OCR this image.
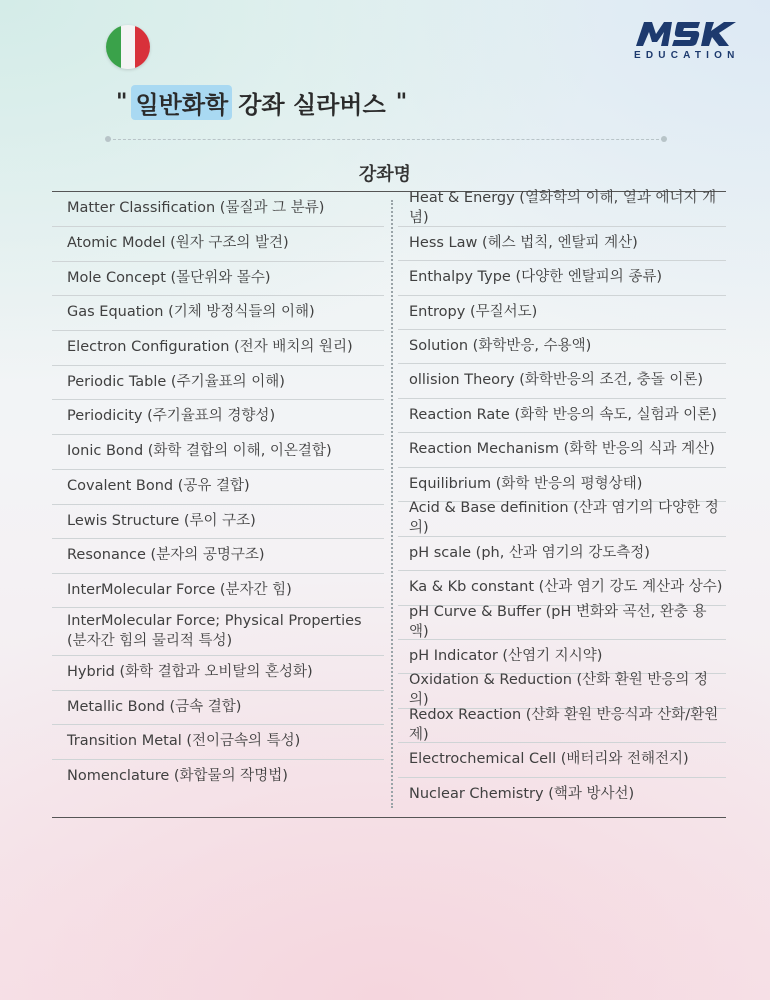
EDUCATION
" 일반화학 강좌 실라버스 "
강좌명
Matter Classification (물질과 그 분류)
Atomic Model (원자 구조의 발견)
Mole Concept (몰단위와 몰수)
Gas Equation (기체 방정식들의 이해)
Electron Configuration (전자 배치의 원리)
Periodic Table (주기율표의 이해)
Periodicity (주기율표의 경향성)
Ionic Bond (화학 결합의 이해, 이온결합)
Covalent Bond (공유 결합)
Lewis Structure (루이 구조)
Resonance (분자의 공명구조)
InterMolecular Force (분자간 힘)
InterMolecular Force; Physical Properties (분자간 힘의 물리적 특성)
Hybrid (화학 결합과 오비탈의 혼성화)
Metallic Bond (금속 결합)
Transition Metal (전이금속의 특성)
Nomenclature (화합물의 작명법)
Heat & Energy (열화학의 이해, 열과 에너지 개념)
Hess Law (헤스 법칙, 엔탈피 계산)
Enthalpy Type (다양한 엔탈피의 종류)
Entropy (무질서도)
Solution (화학반응, 수용액)
ollision Theory (화학반응의 조건, 충돌 이론)
Reaction Rate (화학 반응의 속도, 실험과 이론)
Reaction Mechanism (화학 반응의 식과 계산)
Equilibrium (화학 반응의 평형상태)
Acid & Base definition (산과 염기의 다양한 정의)
pH scale (ph, 산과 염기의 강도측정)
Ka & Kb constant (산과 염기 강도 계산과 상수)
pH Curve & Buffer (pH 변화와 곡선, 완충 용액)
pH Indicator (산염기 지시약)
Oxidation & Reduction (산화 환원 반응의 정의)
Redox Reaction (산화 환원 반응식과 산화/환원제)
Electrochemical Cell (배터리와 전해전지)
Nuclear Chemistry (핵과 방사선)
